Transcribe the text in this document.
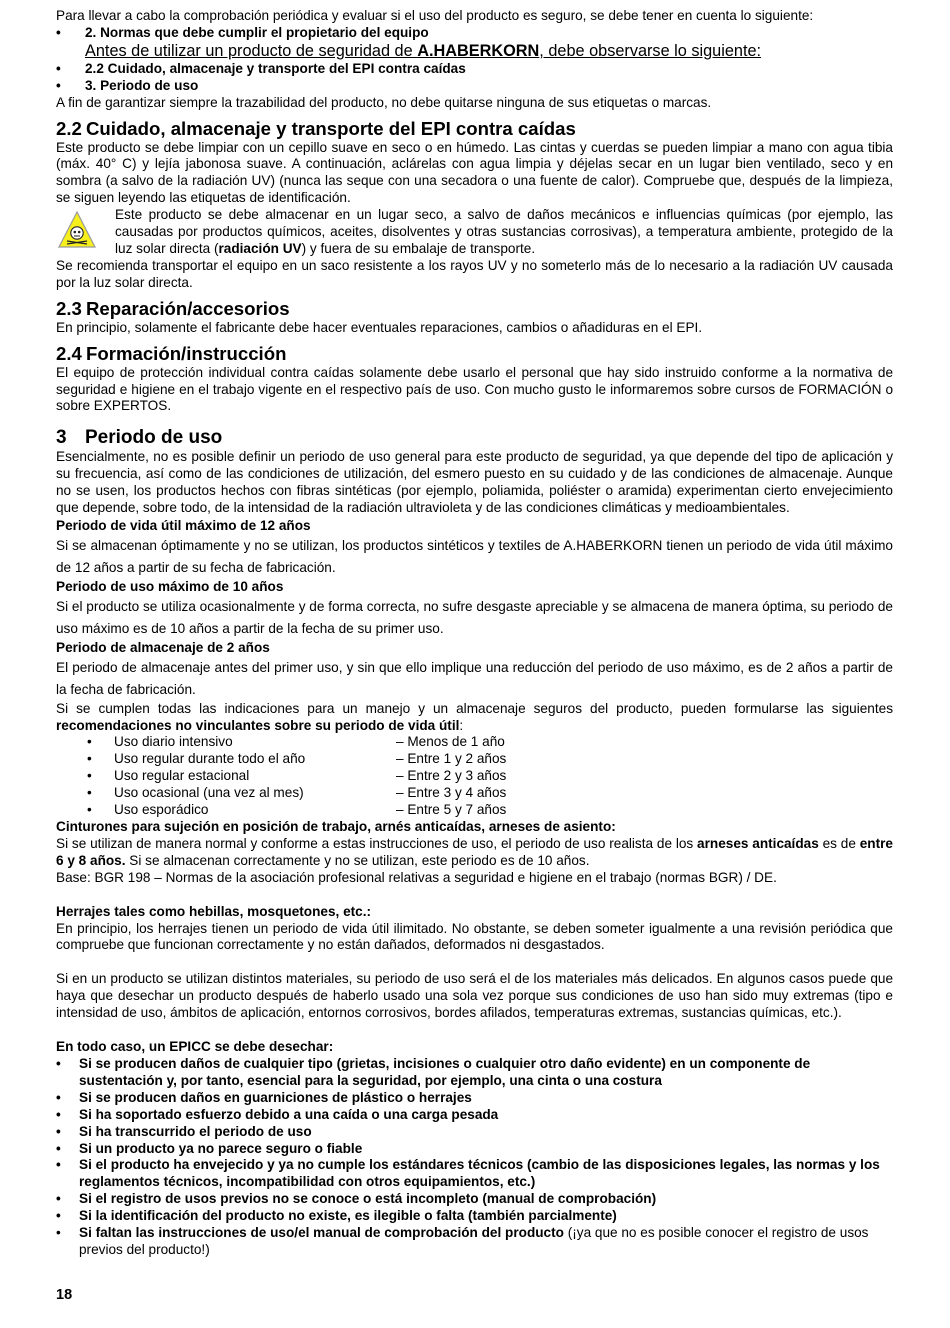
Para llevar a cabo la comprobación periódica y evaluar si el uso del producto es seguro, se debe tener en cuenta lo siguiente:

• 2. Normas que debe cumplir el propietario del equipo
Antes de utilizar un producto de seguridad de A.HABERKORN, debe observarse lo siguiente:
• 2.2 Cuidado, almacenaje y transporte del EPI contra caídas
• 3. Periodo de uso

A fin de garantizar siempre la trazabilidad del producto, no debe quitarse ninguna de sus etiquetas o marcas.

2.2 Cuidado, almacenaje y transporte del EPI contra caídas

Este producto se debe limpiar con un cepillo suave en seco o en húmedo. Las cintas y cuerdas se pueden limpiar a mano con agua tibia (máx. 40° C) y lejía jabonosa suave. A continuación, aclárelas con agua limpia y déjelas secar en un lugar bien ventilado, seco y en sombra (a salvo de la radiación UV) (nunca las seque con una secadora o una fuente de calor). Compruebe que, después de la limpieza, se siguen leyendo las etiquetas de identificación.

Este producto se debe almacenar en un lugar seco, a salvo de daños mecánicos e influencias químicas (por ejemplo, las causadas por productos químicos, aceites, disolventes y otras sustancias corrosivas), a temperatura ambiente, protegido de la luz solar directa (radiación UV) y fuera de su embalaje de transporte.

Se recomienda transportar el equipo en un saco resistente a los rayos UV y no someterlo más de lo necesario a la radiación UV causada por la luz solar directa.

2.3 Reparación/accesorios

En principio, solamente el fabricante debe hacer eventuales reparaciones, cambios o añadiduras en el EPI.

2.4 Formación/instrucción

El equipo de protección individual contra caídas solamente debe usarlo el personal que hay sido instruido conforme a la normativa de seguridad e higiene en el trabajo vigente en el respectivo país de uso. Con mucho gusto le informaremos sobre cursos de FORMACIÓN o sobre EXPERTOS.

3 Periodo de uso

Esencialmente, no es posible definir un periodo de uso general para este producto de seguridad, ya que depende del tipo de aplicación y su frecuencia, así como de las condiciones de utilización, del esmero puesto en su cuidado y de las condiciones de almacenaje. Aunque no se usen, los productos hechos con fibras sintéticas (por ejemplo, poliamida, poliéster o aramida) experimentan cierto envejecimiento que depende, sobre todo, de la intensidad de la radiación ultravioleta y de las condiciones climáticas y medioambientales.

Periodo de vida útil máximo de 12 años

Si se almacenan óptimamente y no se utilizan, los productos sintéticos y textiles de A.HABERKORN tienen un periodo de vida útil máximo de 12 años a partir de su fecha de fabricación.

Periodo de uso máximo de 10 años

Si el producto se utiliza ocasionalmente y de forma correcta, no sufre desgaste apreciable y se almacena de manera óptima, su periodo de uso máximo es de 10 años a partir de la fecha de su primer uso.

Periodo de almacenaje de 2 años

El periodo de almacenaje antes del primer uso, y sin que ello implique una reducción del periodo de uso máximo, es de 2 años a partir de la fecha de fabricación.

Si se cumplen todas las indicaciones para un manejo y un almacenaje seguros del producto, pueden formularse las siguientes recomendaciones no vinculantes sobre su periodo de vida útil:

• Uso diario intensivo	– Menos de 1 año
• Uso regular durante todo el año	– Entre 1 y 2 años
• Uso regular estacional	– Entre 2 y 3 años
• Uso ocasional (una vez al mes)	– Entre 3 y 4 años
• Uso esporádico	– Entre 5 y 7 años

Cinturones para sujeción en posición de trabajo, arnés anticaídas, arneses de asiento:

Si se utilizan de manera normal y conforme a estas instrucciones de uso, el periodo de uso realista de los arneses anticaídas es de entre 6 y 8 años. Si se almacenan correctamente y no se utilizan, este periodo es de 10 años.

Base: BGR 198 – Normas de la asociación profesional relativas a seguridad e higiene en el trabajo (normas BGR) / DE.

Herrajes tales como hebillas, mosquetones, etc.:

En principio, los herrajes tienen un periodo de vida útil ilimitado. No obstante, se deben someter igualmente a una revisión periódica que compruebe que funcionan correctamente y no están dañados, deformados ni desgastados.

Si en un producto se utilizan distintos materiales, su periodo de uso será el de los materiales más delicados. En algunos casos puede que haya que desechar un producto después de haberlo usado una sola vez porque sus condiciones de uso han sido muy extremas (tipo e intensidad de uso, ámbitos de aplicación, entornos corrosivos, bordes afilados, temperaturas extremas, sustancias químicas, etc.).

En todo caso, un EPICC se debe desechar:

• Si se producen daños de cualquier tipo (grietas, incisiones o cualquier otro daño evidente) en un componente de sustentación y, por tanto, esencial para la seguridad, por ejemplo, una cinta o una costura
• Si se producen daños en guarniciones de plástico o herrajes
• Si ha soportado esfuerzo debido a una caída o una carga pesada
• Si ha transcurrido el periodo de uso
• Si un producto ya no parece seguro o fiable
• Si el producto ha envejecido y ya no cumple los estándares técnicos (cambio de las disposiciones legales, las normas y los reglamentos técnicos, incompatibilidad con otros equipamientos, etc.)
• Si el registro de usos previos no se conoce o está incompleto (manual de comprobación)
• Si la identificación del producto no existe, es ilegible o falta (también parcialmente)
• Si faltan las instrucciones de uso/el manual de comprobación del producto (¡ya que no es posible conocer el registro de usos previos del producto!)
18
